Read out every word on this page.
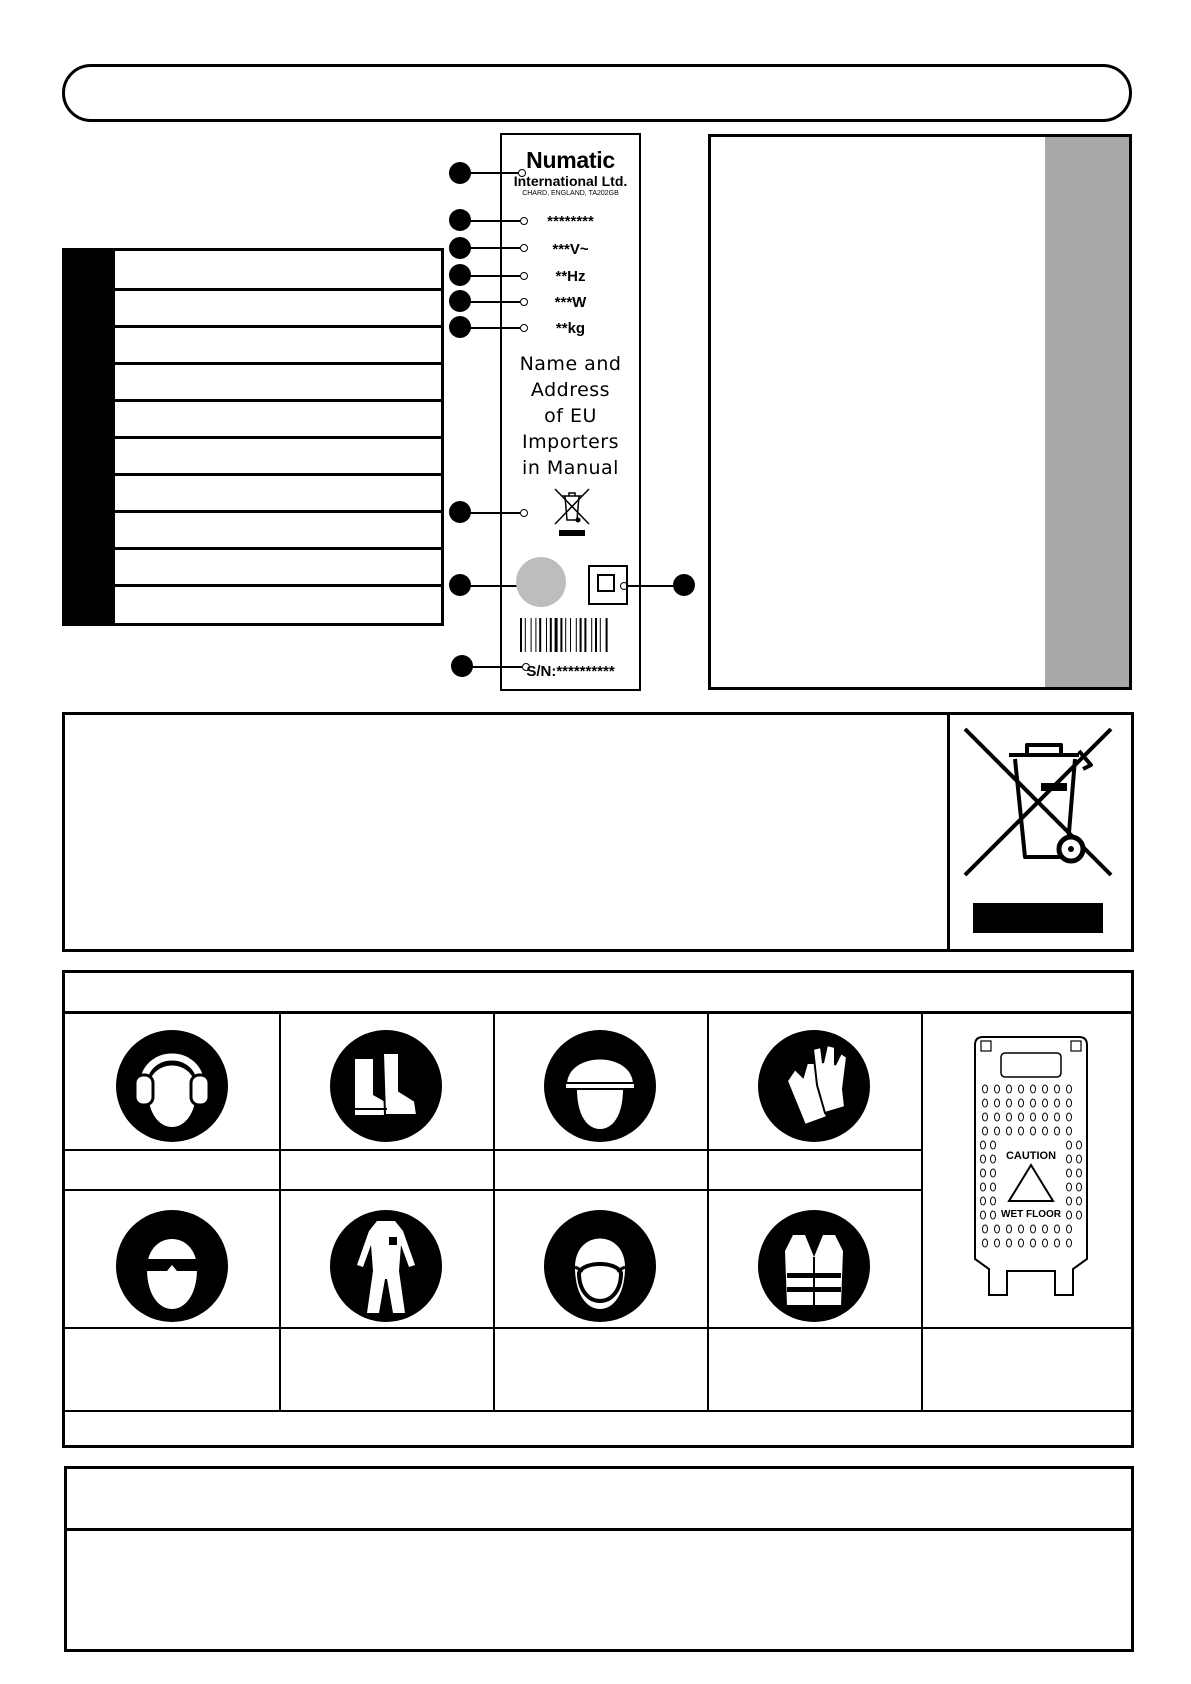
Numatic
International Ltd.
CHARD, ENGLAND, TA202GB
********
***V~
**Hz
***W
**kg
Name and
Address
of EU
Importers
in Manual
S/N:**********
CAUTION
WET FLOOR
